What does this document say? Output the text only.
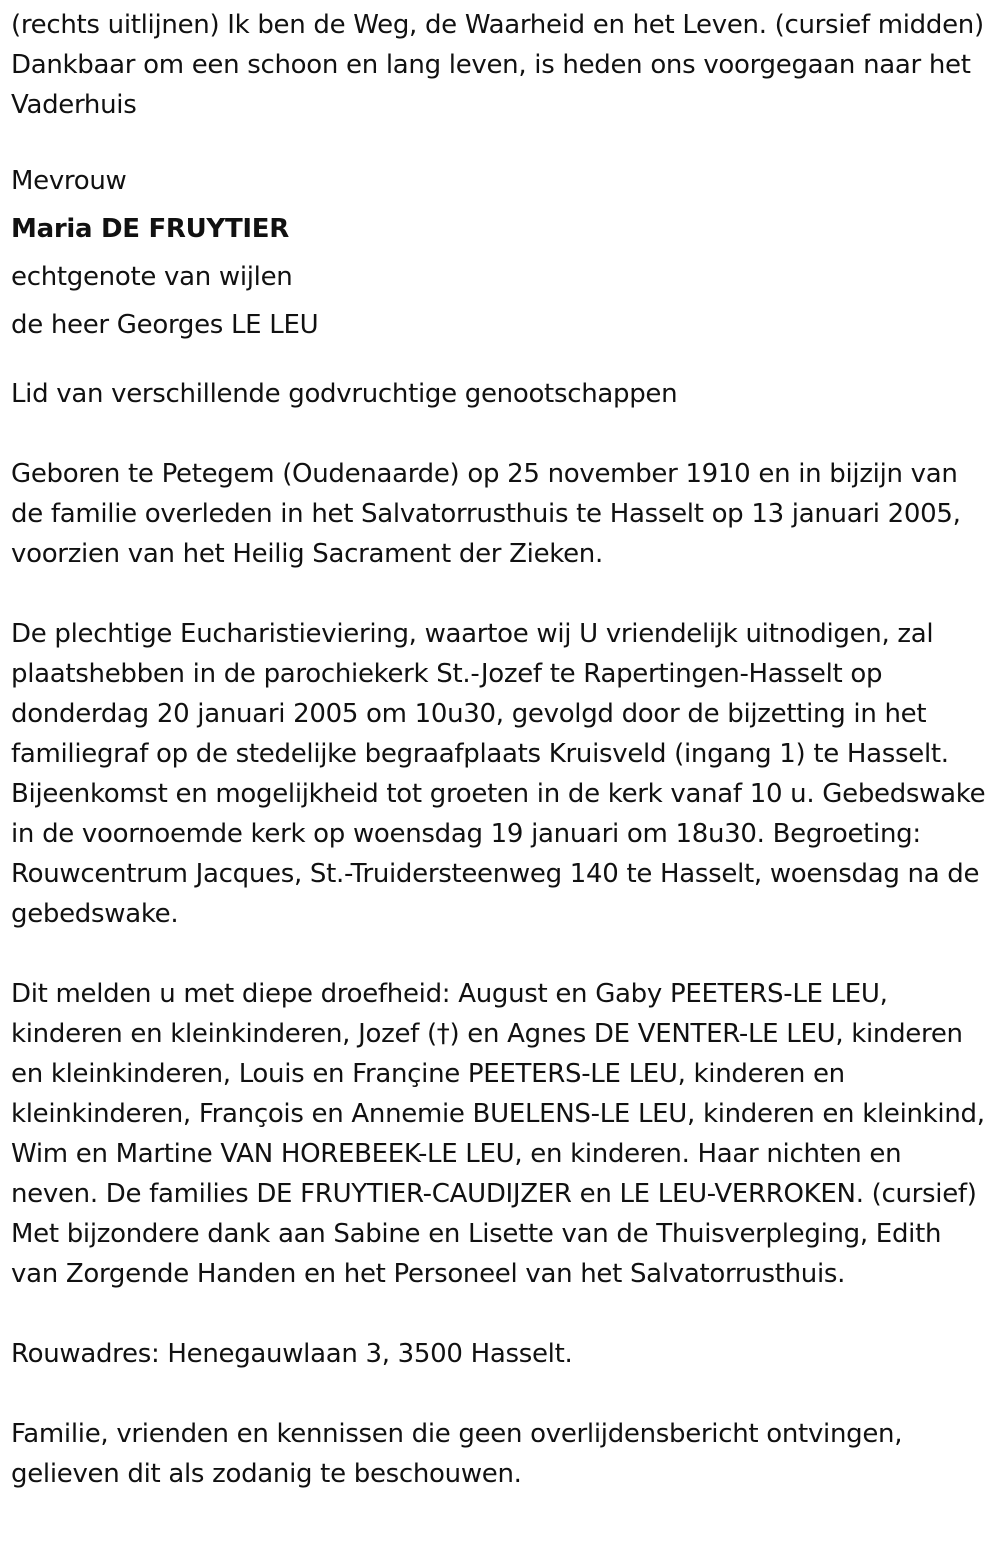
(rechts uitlijnen) Ik ben de Weg, de Waarheid en het Leven. (cursief midden) Dankbaar om een schoon en lang leven, is heden ons voorgegaan naar het Vaderhuis

Mevrouw
Maria DE FRUYTIER
echtgenote van wijlen
de heer Georges LE LEU

Lid van verschillende godvruchtige genootschappen

Geboren te Petegem (Oudenaarde) op 25 november 1910 en in bijzijn van de familie overleden in het Salvatorrusthuis te Hasselt op 13 januari 2005, voorzien van het Heilig Sacrament der Zieken.

De plechtige Eucharistieviering, waartoe wij U vriendelijk uitnodigen, zal plaatshebben in de parochiekerk St.-Jozef te Rapertingen-Hasselt op donderdag 20 januari 2005 om 10u30, gevolgd door de bijzetting in het familiegraf op de stedelijke begraafplaats Kruisveld (ingang 1) te Hasselt. Bijeenkomst en mogelijkheid tot groeten in de kerk vanaf 10 u. Gebedswake in de voornoemde kerk op woensdag 19 januari om 18u30. Begroeting: Rouwcentrum Jacques, St.-Truidersteenweg 140 te Hasselt, woensdag na de gebedswake.

Dit melden u met diepe droefheid: August en Gaby PEETERS-LE LEU, kinderen en kleinkinderen, Jozef (†) en Agnes DE VENTER-LE LEU, kinderen en kleinkinderen, Louis en Françine PEETERS-LE LEU, kinderen en kleinkinderen, François en Annemie BUELENS-LE LEU, kinderen en kleinkind, Wim en Martine VAN HOREBEEK-LE LEU, en kinderen. Haar nichten en neven. De families DE FRUYTIER-CAUDIJZER en LE LEU-VERROKEN. (cursief) Met bijzondere dank aan Sabine en Lisette van de Thuisverpleging, Edith van Zorgende Handen en het Personeel van het Salvatorrusthuis.

Rouwadres: Henegauwlaan 3, 3500 Hasselt.

Familie, vrienden en kennissen die geen overlijdensbericht ontvingen, gelieven dit als zodanig te beschouwen.
